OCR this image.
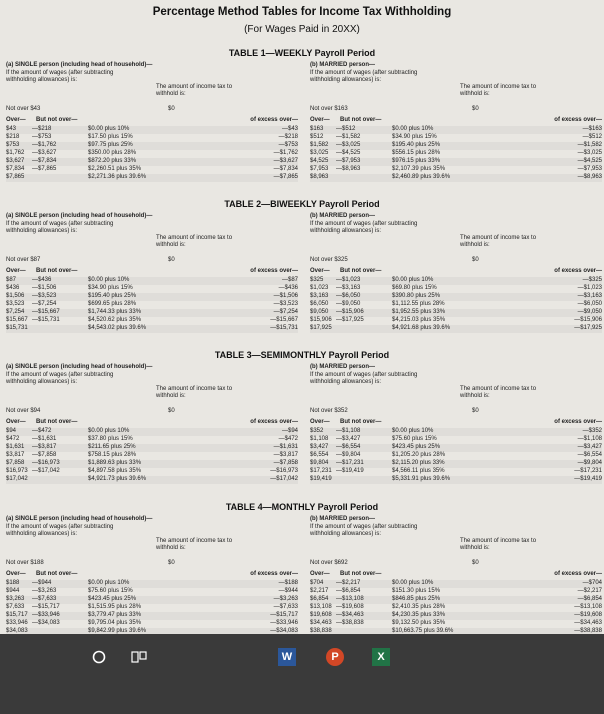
Percentage Method Tables for Income Tax Withholding
(For Wages Paid in 20XX)
TABLE 1—WEEKLY Payroll Period
(a) SINGLE person (including head of household)—
If the amount of wages (after subtracting withholding allowances) is:
The amount of income tax to withhold is:
Not over $43	$0
Over— But not over—	of excess over—
$43	—$218	$0.00 plus 10%	—$43
$218 —$753	$17.50 plus 15%	—$218
$753 —$1,762	$97.75 plus 25%	—$753
$1,762 —$3,627	$350.00 plus 28%	—$1,762
$3,627 —$7,834	$872.20 plus 33%	—$3,627
$7,834 —$7,865	$2,260.51 plus 35%	—$7,834
$7,865	$2,271.36 plus 39.6%	—$7,865
(b) MARRIED person—
If the amount of wages (after subtracting withholding allowances) is:
The amount of income tax to withhold is:
Not over $163	$0
Over— But not over—	of excess over—
$163 —$512	$0.00 plus 10%	—$163
$512 —$1,582	$34.90 plus 15%	—$512
$1,582 —$3,025	$195.40 plus 25%	—$1,582
$3,025 —$4,525	$556.15 plus 28%	—$3,025
$4,525 —$7,953	$976.15 plus 33%	—$4,525
$7,953 —$8,963	$2,107.39 plus 35%	—$7,953
$8,963	$2,460.89 plus 39.6%	—$8,963
TABLE 2—BIWEEKLY Payroll Period
(a) SINGLE person (including head of household)—
If the amount of wages (after subtracting withholding allowances) is:
The amount of income tax to withhold is:
Not over $87	$0
Over— But not over—	of excess over—
$87	—$436	$0.00 plus 10%	—$87
$436 —$1,506	$34.90 plus 15%	—$436
$1,506 —$3,523	$195.40 plus 25%	—$1,506
$3,523 —$7,254	$699.65 plus 28%	—$3,523
$7,254 —$15,667	$1,744.33 plus 33%	—$7,254
$15,667 —$15,731	$4,520.62 plus 35%	—$15,667
$15,731	$4,543.02 plus 39.6%	—$15,731
(b) MARRIED person—
If the amount of wages (after subtracting withholding allowances) is:
The amount of income tax to withhold is:
Not over $325	$0
Over— But not over—	of excess over—
$325 —$1,023	$0.00 plus 10%	—$325
$1,023 —$3,163	$69.80 plus 15%	—$1,023
$3,163 —$6,050	$390.80 plus 25%	—$3,163
$6,050 —$9,050	$1,112.55 plus 28%	—$6,050
$9,050 —$15,906	$1,952.55 plus 33%	—$9,050
$15,906 —$17,925	$4,215.03 plus 35%	—$15,906
$17,925	$4,921.68 plus 39.6%	—$17,925
TABLE 3—SEMIMONTHLY Payroll Period
(a) SINGLE person (including head of household)—
If the amount of wages (after subtracting withholding allowances) is:
The amount of income tax to withhold is:
Not over $94	$0
Over— But not over—	of excess over—
$94	—$472	$0.00 plus 10%	—$94
$472 —$1,631	$37.80 plus 15%	—$472
$1,631 —$3,817	$211.65 plus 25%	—$1,631
$3,817 —$7,858	$758.15 plus 28%	—$3,817
$7,858 —$16,973	$1,889.63 plus 33%	—$7,858
$16,973 —$17,042	$4,897.58 plus 35%	—$16,973
$17,042	$4,921.73 plus 39.6%	—$17,042
(b) MARRIED person—
If the amount of wages (after subtracting withholding allowances) is:
The amount of income tax to withhold is:
Not over $352	$0
Over— But not over—	of excess over—
$352 —$1,108	$0.00 plus 10%	—$352
$1,108 —$3,427	$75.60 plus 15%	—$1,108
$3,427 —$6,554	$423.45 plus 25%	—$3,427
$6,554 —$9,804	$1,205.20 plus 28%	—$6,554
$9,804 —$17,231	$2,115.20 plus 33%	—$9,804
$17,231 —$19,419	$4,566.11 plus 35%	—$17,231
$19,419	$5,331.91 plus 39.6%	—$19,419
TABLE 4—MONTHLY Payroll Period
(a) SINGLE person (including head of household)—
If the amount of wages (after subtracting withholding allowances) is:
The amount of income tax to withhold is:
Not over $188	$0
Over— But not over—	of excess over—
$188 —$944	$0.00 plus 10%	—$188
$944 —$3,263	$75.60 plus 15%	—$944
$3,263 —$7,633	$423.45 plus 25%	—$3,263
$7,633 —$15,717	$1,515.95 plus 28%	—$7,633
$15,717 —$33,946	$3,779.47 plus 33%	—$15,717
$33,946 —$34,083	$9,795.04 plus 35%	—$33,946
$34,083	$9,842.99 plus 39.6%	—$34,083
(b) MARRIED person—
If the amount of wages (after subtracting withholding allowances) is:
The amount of income tax to withhold is:
Not over $692	$0
Over— But not over—	of excess over—
$704 —$2,217	$0.00 plus 10%	—$704
$2,217 —$6,854	$151.30 plus 15%	—$2,217
$6,854 —$13,108	$846.85 plus 25%	—$6,854
$13,108 —$19,608	$2,410.35 plus 28%	—$13,108
$19,608 —$34,463	$4,230.35 plus 33%	—$19,608
$34,463 —$38,838	$9,132.50 plus 35%	—$34,463
$38,838	$10,663.75 plus 39.6%	—$38,838
W	P	X
